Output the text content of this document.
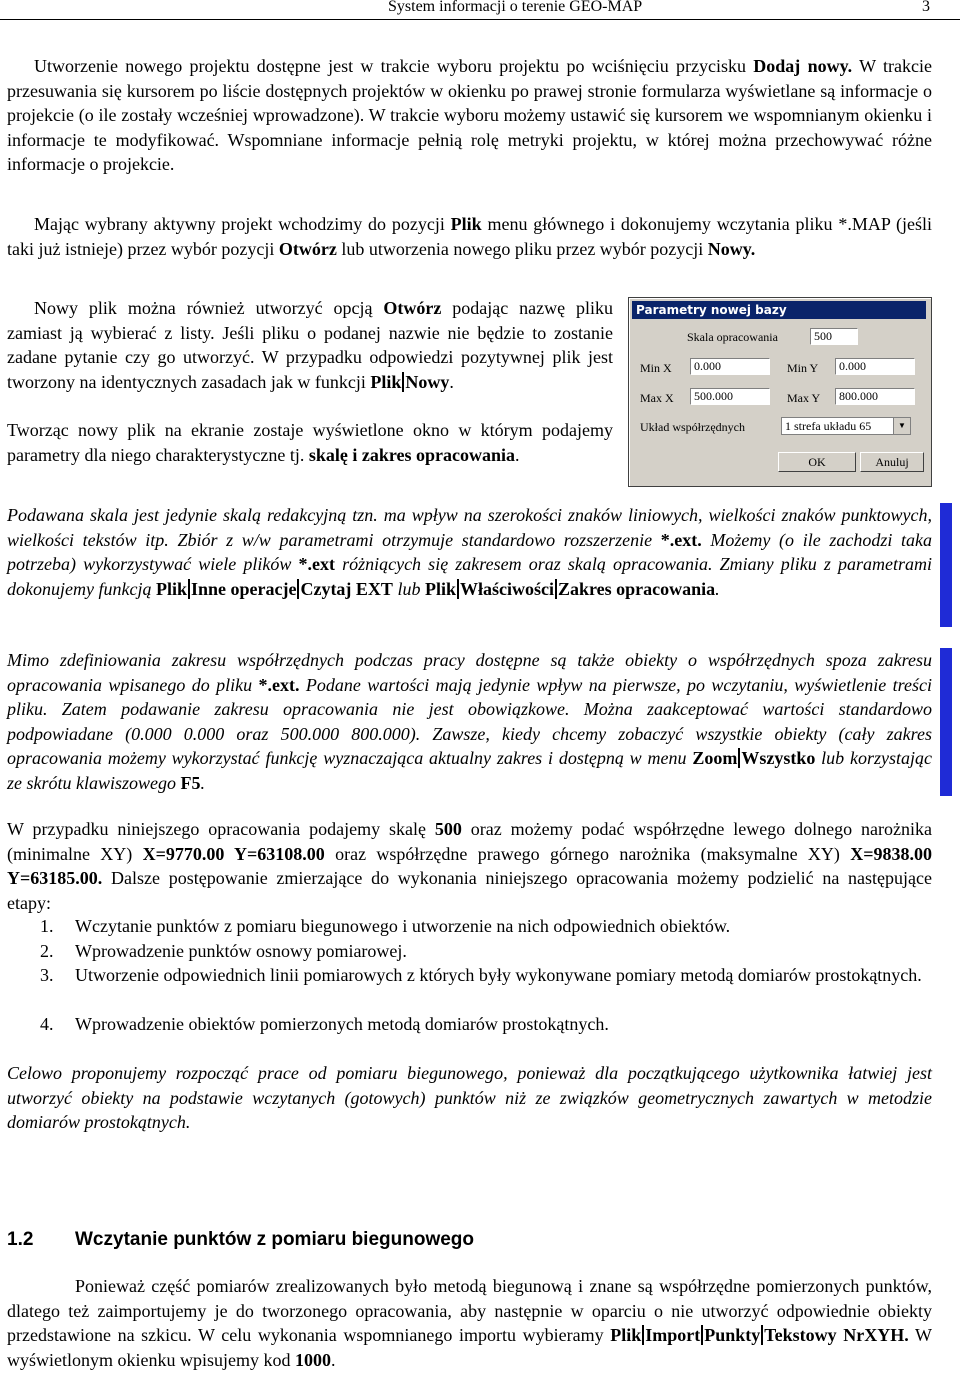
System informacji o terenie GEO-MAP	3

Utworzenie nowego projektu dostępne jest w trakcie wyboru projektu po wciśnięciu przycisku Dodaj nowy. W trakcie przesuwania się kursorem po liście dostępnych projektów w okienku po prawej stronie formularza wyświetlane są informacje o projekcie (o ile zostały wcześniej wprowadzone). W trakcie wyboru możemy ustawić się kursorem we wspomnianym okienku i informacje te modyfikować. Wspomniane informacje pełnią rolę metryki projektu, w której można przechowywać różne informacje o projekcie.

Mając wybrany aktywny projekt wchodzimy do pozycji Plik menu głównego i dokonujemy wczytania pliku *.MAP (jeśli taki już istnieje) przez wybór pozycji Otwórz lub utworzenia nowego pliku przez wybór pozycji Nowy.

Nowy plik można również utworzyć opcją Otwórz podając nazwę pliku zamiast ją wybierać z listy. Jeśli pliku o podanej nazwie nie będzie to zostanie zadane pytanie czy go utworzyć. W przypadku odpowiedzi pozytywnej plik jest tworzony na identycznych zasadach jak w funkcji Plik Nowy.

Tworząc nowy plik na ekranie zostaje wyświetlone okno w którym podajemy parametry dla niego charakterystyczne tj. skalę i zakres opracowania.

Parametry nowej bazy
Skala opracowania	500
Min X	0.000	Min Y	0.000
Max X	500.000	Max Y	800.000
Układ współrzędnych	1 strefa układu 65	▼
OK	Anuluj

Podawana skala jest jedynie skalą redakcyjną tzn. ma wpływ na szerokości znaków liniowych, wielkości znaków punktowych, wielkości tekstów itp. Zbiór z w/w parametrami otrzymuje standardowo rozszerzenie *.ext. Możemy (o ile zachodzi taka potrzeba) wykorzystywać wiele plików *.ext różniących się zakresem oraz skalą opracowania. Zmiany pliku z parametrami dokonujemy funkcją Plik Inne operacje Czytaj EXT lub Plik Właściwości Zakres opracowania.

Mimo zdefiniowania zakresu współrzędnych podczas pracy dostępne są także obiekty o współrzędnych spoza zakresu opracowania wpisanego do pliku *.ext. Podane wartości mają jedynie wpływ na pierwsze, po wczytaniu, wyświetlenie treści pliku. Zatem podawanie zakresu opracowania nie jest obowiązkowe. Można zaakceptować wartości standardowo podpowiadane (0.000 0.000 oraz 500.000 800.000). Zawsze, kiedy chcemy zobaczyć wszystkie obiekty (cały zakres opracowania możemy wykorzystać funkcję wyznaczająca aktualny zakres i dostępną w menu Zoom Wszystko lub korzystając ze skrótu klawiszowego F5.

W przypadku niniejszego opracowania podajemy skalę 500 oraz możemy podać współrzędne lewego dolnego narożnika (minimalne XY) X=9770.00 Y=63108.00 oraz współrzędne prawego górnego narożnika (maksymalne XY) X=9838.00 Y=63185.00. Dalsze postępowanie zmierzające do wykonania niniejszego opracowania możemy podzielić na następujące etapy:

1. Wczytanie punktów z pomiaru biegunowego i utworzenie na nich odpowiednich obiektów.
2. Wprowadzenie punktów osnowy pomiarowej.
3. Utworzenie odpowiednich linii pomiarowych z których były wykonywane pomiary metodą domiarów prostokątnych.
4. Wprowadzenie obiektów pomierzonych metodą domiarów prostokątnych.

Celowo proponujemy rozpocząć prace od pomiaru biegunowego, ponieważ dla początkującego użytkownika łatwiej jest utworzyć obiekty na podstawie wczytanych (gotowych) punktów niż ze związków geometrycznych zawartych w metodzie domiarów prostokątnych.

1.2 Wczytanie punktów z pomiaru biegunowego

Ponieważ część pomiarów zrealizowanych było metodą biegunową i znane są współrzędne pomierzonych punktów, dlatego też zaimportujemy je do tworzonego opracowania, aby następnie w oparciu o nie utworzyć odpowiednie obiekty przedstawione na szkicu. W celu wykonania wspomnianego importu wybieramy Plik Import Punkty Tekstowy NrXYH. W wyświetlonym okienku wpisujemy kod 1000.
